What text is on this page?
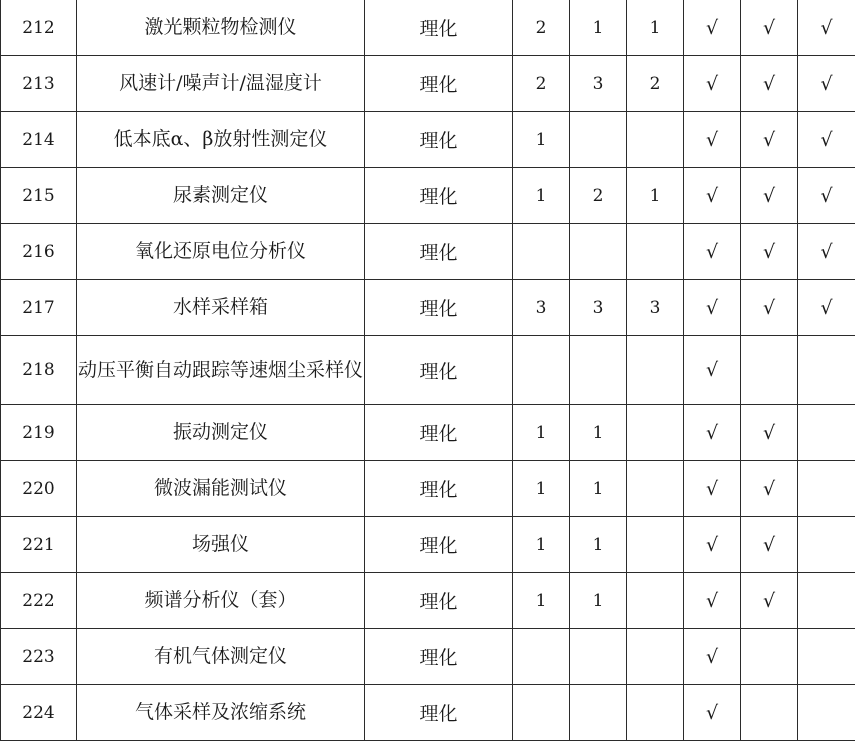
212	激光颗粒物检测仪	理化	2	1	1	√	√	√
213	风速计/噪声计/温湿度计	理化	2	3	2	√	√	√
214	低本底α、β放射性测定仪	理化	1			√	√	√
215	尿素测定仪	理化	1	2	1	√	√	√
216	氧化还原电位分析仪	理化				√	√	√
217	水样采样箱	理化	3	3	3	√	√	√
218	动压平衡自动跟踪等速烟尘采样仪	理化				√		
219	振动测定仪	理化	1	1		√	√	
220	微波漏能测试仪	理化	1	1		√	√	
221	场强仪	理化	1	1		√	√	
222	频谱分析仪（套）	理化	1	1		√	√	
223	有机气体测定仪	理化				√		
224	气体采样及浓缩系统	理化				√		
